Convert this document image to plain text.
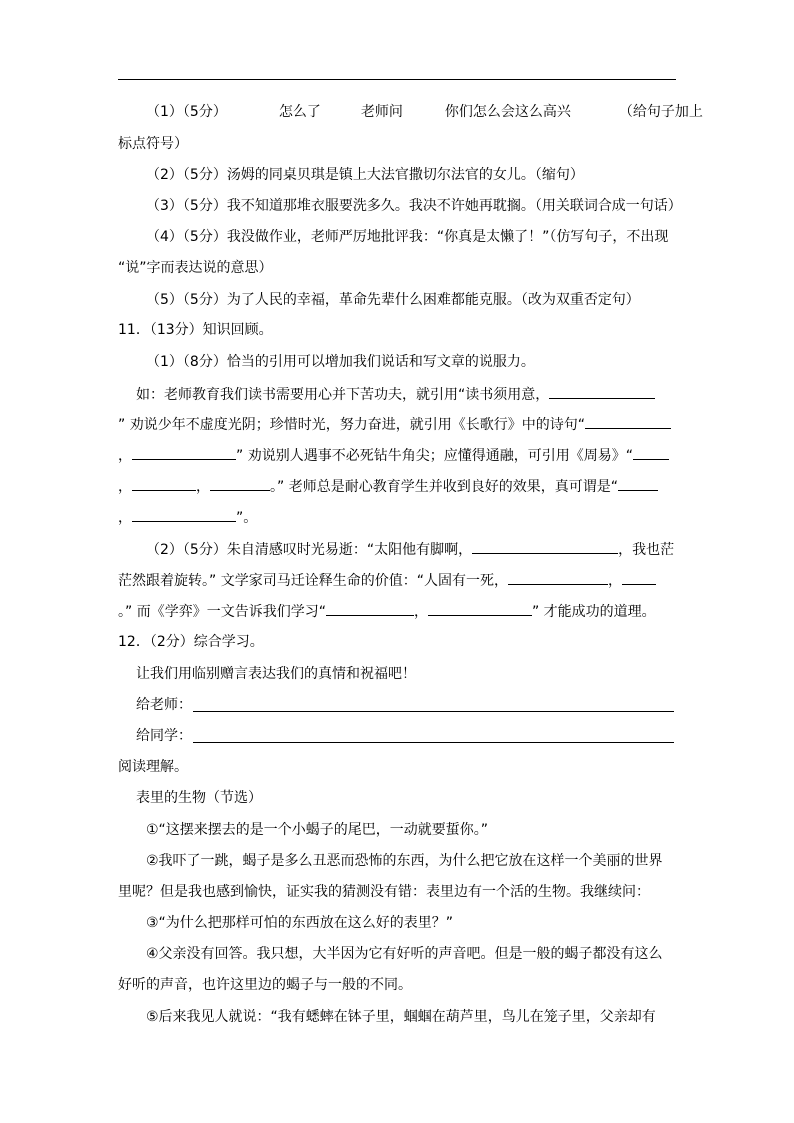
（1）（5分）	怎么了	老师问	你们怎么会这么高兴	（给句子加上
标点符号）
（2）（5分）汤姆的同桌贝琪是镇上大法官撒切尔法官的女儿。（缩句）
（3）（5分）我不知道那堆衣服要洗多久。我决不许她再耽搁。（用关联词合成一句话）
（4）（5分）我没做作业，老师严厉地批评我：“你真是太懒了！”（仿写句子，不出现
“说”字而表达说的意思）
（5）（5分）为了人民的幸福，革命先辈什么困难都能克服。（改为双重否定句）
11．（13分）知识回顾。
（1）（8分）恰当的引用可以增加我们说话和写文章的说服力。
如：老师教育我们读书需要用心并下苦功夫，就引用“读书须用意，
” 劝说少年不虚度光阴；珍惜时光，努力奋进，就引用《长歌行》中的诗句“
，	” 劝说别人遇事不必死钻牛角尖；应懂得通融，可引用《周易》“
，	，	。” 老师总是耐心教育学生并收到良好的效果，真可谓是“
，	”。
（2）（5分）朱自清感叹时光易逝：“太阳他有脚啊，	，我也茫
茫然跟着旋转。” 文学家司马迁诠释生命的价值：“人固有一死，	，
。” 而《学弈》一文告诉我们学习“	，	” 才能成功的道理。
12．（2分）综合学习。
让我们用临别赠言表达我们的真情和祝福吧！
给老师：
给同学：
阅读理解。
表里的生物（节选）
①“这摆来摆去的是一个小蝎子的尾巴，一动就要蜇你。”
②我吓了一跳，蝎子是多么丑恶而恐怖的东西，为什么把它放在这样一个美丽的世界
里呢？但是我也感到愉快，证实我的猜测没有错：表里边有一个活的生物。我继续问：
③“为什么把那样可怕的东西放在这么好的表里？”
④父亲没有回答。我只想，大半因为它有好听的声音吧。但是一般的蝎子都没有这么
好听的声音，也许这里边的蝎子与一般的不同。
⑤后来我见人就说：“我有蟋蟀在钵子里，蝈蝈在葫芦里，鸟儿在笼子里，父亲却有
